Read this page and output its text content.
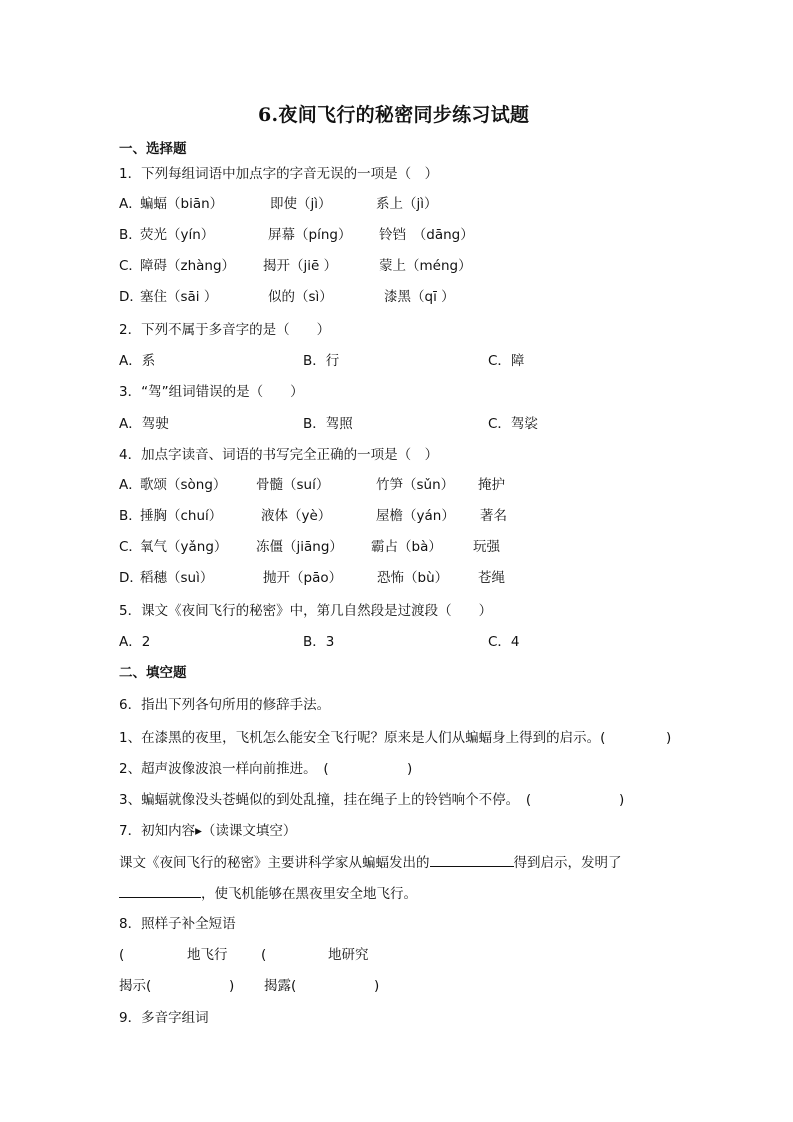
6.夜间飞行的秘密同步练习试题
一、选择题
1．下列每组词语中加点字的字音无误的一项是（　）
A．
蝙蝠（biān）	即使（jì）	系上（jì）
B．
荧光（yín）	屏幕（píng） 铃铛　（dāng）
C．
障碍（zhàng） 揭开（jiē ）	蒙上（méng）
D．
塞住（sāi ）	似的（sì）	漆黑（qī ）
2．下列不属于多音字的是（　　）
A．系	B．行	C．障
3．“驾”组词错误的是（　　）
A．驾驶	B．驾照	C．驾裟
4．加点字读音、词语的书写完全正确的一项是（　）
A．
歌颂（sòng） 骨髓（suí）	竹笋（sǔn） 掩护
B．
捶胸（chuí）	液体（yè）	屋檐（yán） 著名
C．
氧气（yǎng） 冻僵（jiāng） 霸占（bà） 玩强
D．
稻穗（suì）	抛开（pāo）	恐怖（bù） 苍绳
5．课文《夜间飞行的秘密》中，第几自然段是过渡段（　　）
A．2	B．3	C．4
二、填空题
6．指出下列各句所用的修辞手法。
1、在漆黑的夜里，飞机怎么能安全飞行呢？原来是人们从蝙蝠身上得到的启示。(	)
2、超声波像波浪一样向前推进。　(	)
3、蝙蝠就像没头苍蝇似的到处乱撞，挂在绳子上的铃铛响个不停。　(	)
7．初知内容▸（读课文填空）
课文《夜间飞行的秘密》主要讲科学家从蝙蝠发出的	得到启示，发明了
，使飞机能够在黑夜里安全地飞行。
8．照样子补全短语
(	地飞行 (	地研究
揭示(	) 揭露(	)
9．多音字组词
